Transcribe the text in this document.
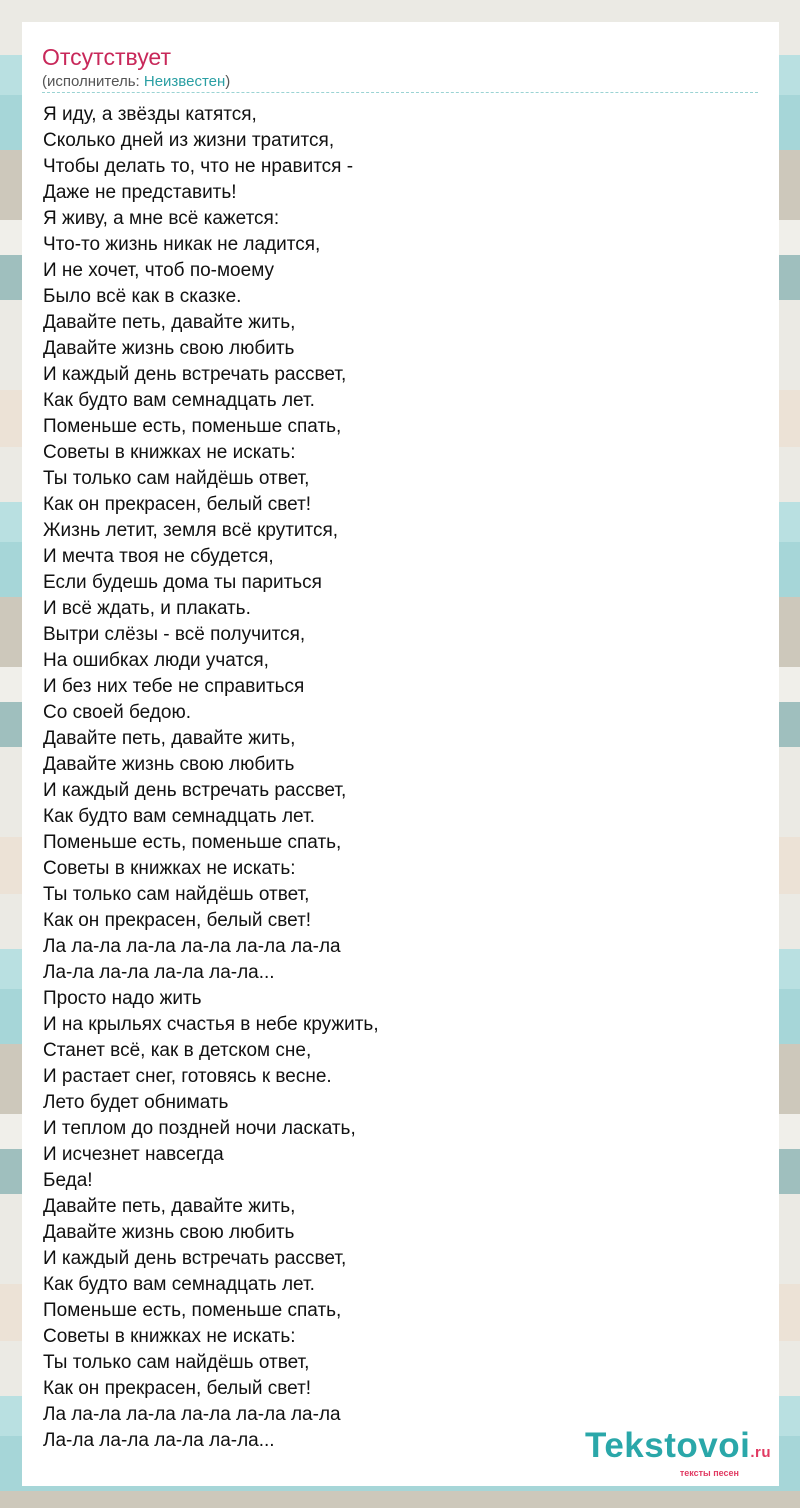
Отсутствует
(исполнитель: Неизвестен)
Я иду, а звёзды катятся,
Сколько дней из жизни тратится,
Чтобы делать то, что не нравится -
Даже не представить!
Я живу, а мне всё кажется:
Что-то жизнь никак не ладится,
И не хочет, чтоб по-моему
Было всё как в сказке.
Давайте петь, давайте жить,
Давайте жизнь свою любить
И каждый день встречать рассвет,
Как будто вам семнадцать лет.
Поменьше есть, поменьше спать,
Советы в книжках не искать:
Ты только сам найдёшь ответ,
Как он прекрасен, белый свет!
Жизнь летит, земля всё крутится,
И мечта твоя не сбудется,
Если будешь дома ты париться
И всё ждать, и плакать.
Вытри слёзы - всё получится,
На ошибках люди учатся,
И без них тебе не справиться
Со своей бедою.
Давайте петь, давайте жить,
Давайте жизнь свою любить
И каждый день встречать рассвет,
Как будто вам семнадцать лет.
Поменьше есть, поменьше спать,
Советы в книжках не искать:
Ты только сам найдёшь ответ,
Как он прекрасен, белый свет!
Ла ла-ла ла-ла ла-ла ла-ла ла-ла
Ла-ла ла-ла ла-ла ла-ла...
Просто надо жить
И на крыльях счастья в небе кружить,
Станет всё, как в детском сне,
И растает снег, готовясь к весне.
Лето будет обнимать
И теплом до поздней ночи ласкать,
И исчезнет навсегда
Беда!
Давайте петь, давайте жить,
Давайте жизнь свою любить
И каждый день встречать рассвет,
Как будто вам семнадцать лет.
Поменьше есть, поменьше спать,
Советы в книжках не искать:
Ты только сам найдёшь ответ,
Как он прекрасен, белый свет!
Ла ла-ла ла-ла ла-ла ла-ла ла-ла
Ла-ла ла-ла ла-ла ла-ла...	Tekstovoi.ru
тексты песен
